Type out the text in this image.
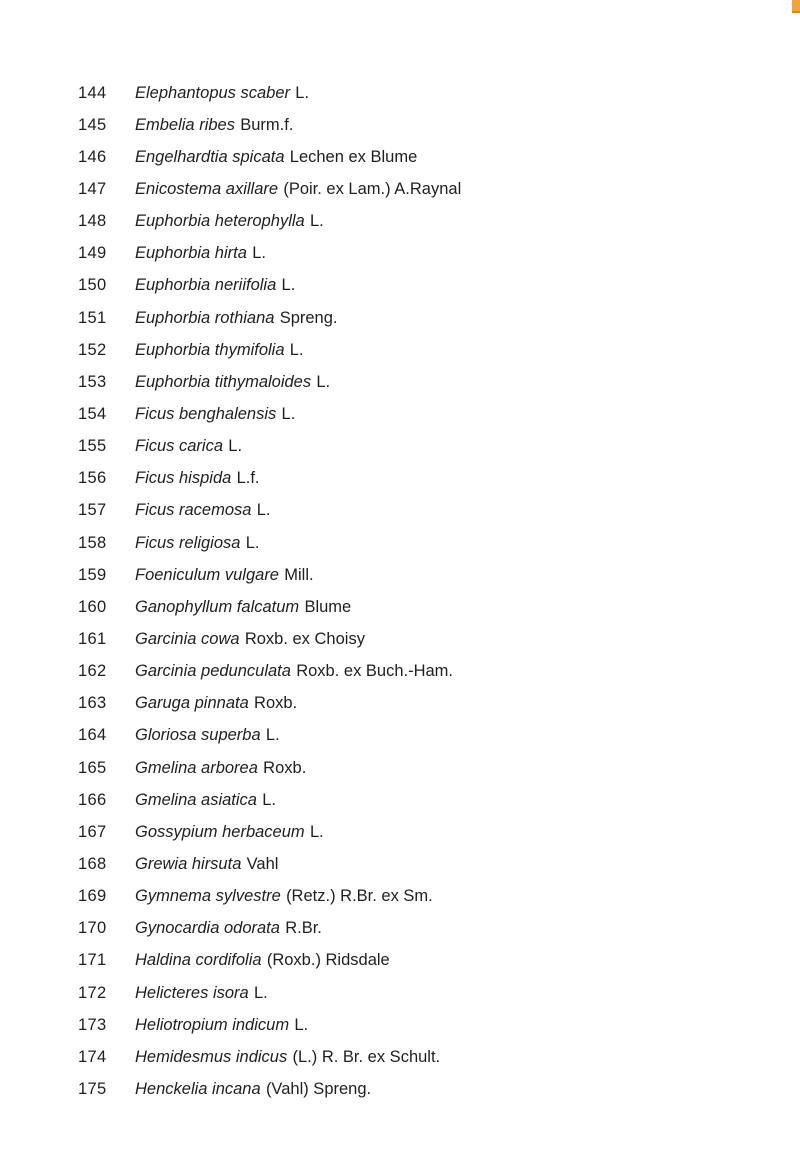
144	Elephantopus scaber L.
145	Embelia ribes Burm.f.
146	Engelhardtia spicata Lechen ex Blume
147	Enicostema axillare (Poir. ex Lam.) A.Raynal
148	Euphorbia heterophylla L.
149	Euphorbia hirta L.
150	Euphorbia neriifolia L.
151	Euphorbia rothiana Spreng.
152	Euphorbia thymifolia L.
153	Euphorbia tithymaloides L.
154	Ficus benghalensis L.
155	Ficus carica L.
156	Ficus hispida L.f.
157	Ficus racemosa L.
158	Ficus religiosa L.
159	Foeniculum vulgare Mill.
160	Ganophyllum falcatum Blume
161	Garcinia cowa Roxb. ex Choisy
162	Garcinia pedunculata Roxb. ex Buch.-Ham.
163	Garuga pinnata Roxb.
164	Gloriosa superba L.
165	Gmelina arborea Roxb.
166	Gmelina asiatica L.
167	Gossypium herbaceum L.
168	Grewia hirsuta Vahl
169	Gymnema sylvestre (Retz.) R.Br. ex Sm.
170	Gynocardia odorata R.Br.
171	Haldina cordifolia (Roxb.) Ridsdale
172	Helicteres isora L.
173	Heliotropium indicum L.
174	Hemidesmus indicus (L.) R. Br. ex Schult.
175	Henckelia incana (Vahl) Spreng.
